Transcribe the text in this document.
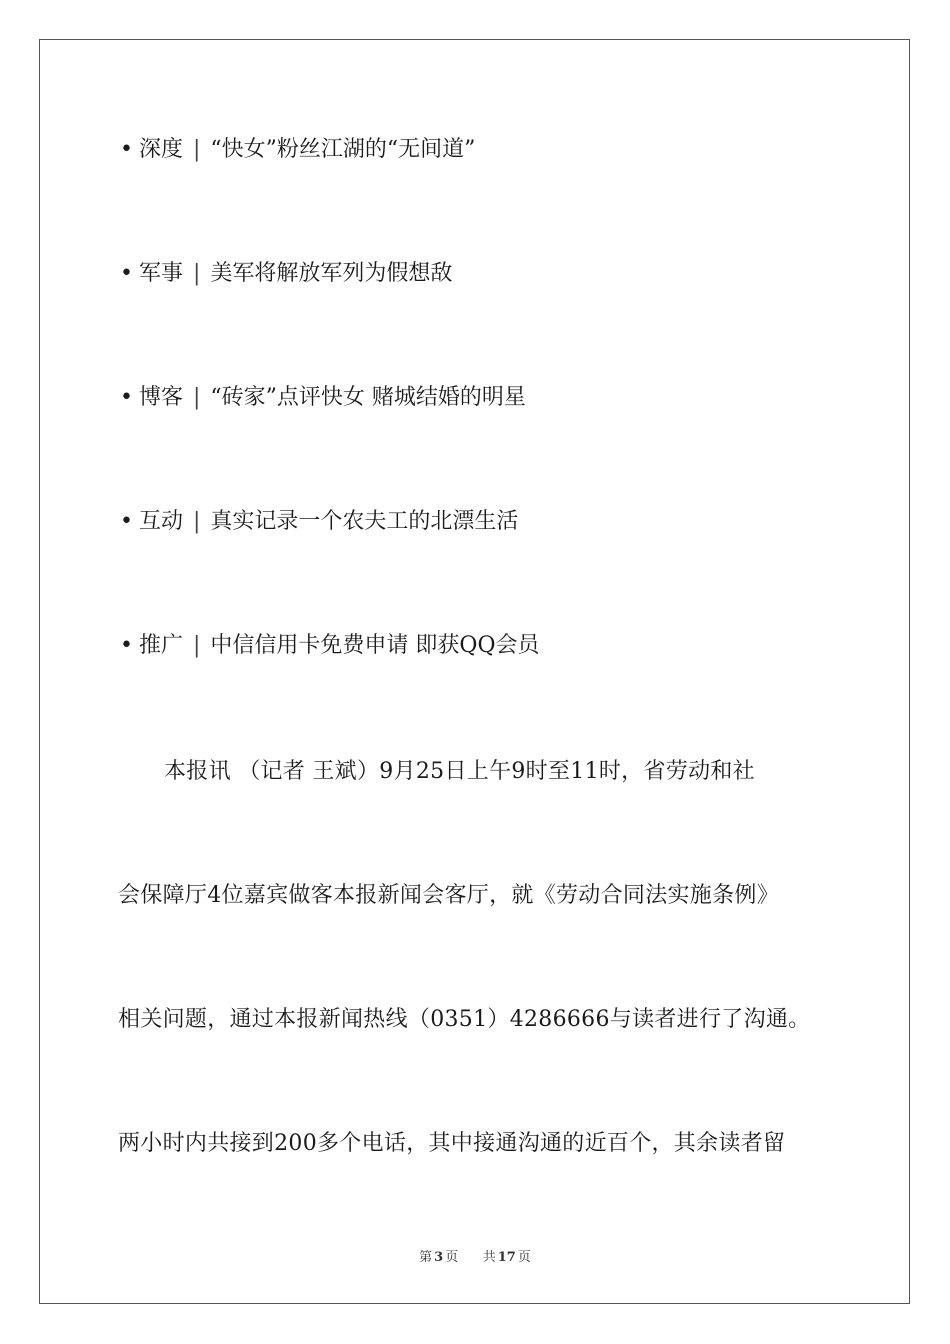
• 深度 | “快女”粉丝江湖的“无间道”
• 军事 | 美军将解放军列为假想敌
• 博客 | “砖家”点评快女 赌城结婚的明星
• 互动 | 真实记录一个农夫工的北漂生活
• 推广 | 中信信用卡免费申请 即获QQ会员
本报讯 （记者 王斌）9月25日上午9时至11时，省劳动和社
会保障厅4位嘉宾做客本报新闻会客厅，就《劳动合同法实施条例》
相关问题，通过本报新闻热线（0351）4286666与读者进行了沟通。
两小时内共接到200多个电话，其中接通沟通的近百个，其余读者留
第 3 页 共 17 页
